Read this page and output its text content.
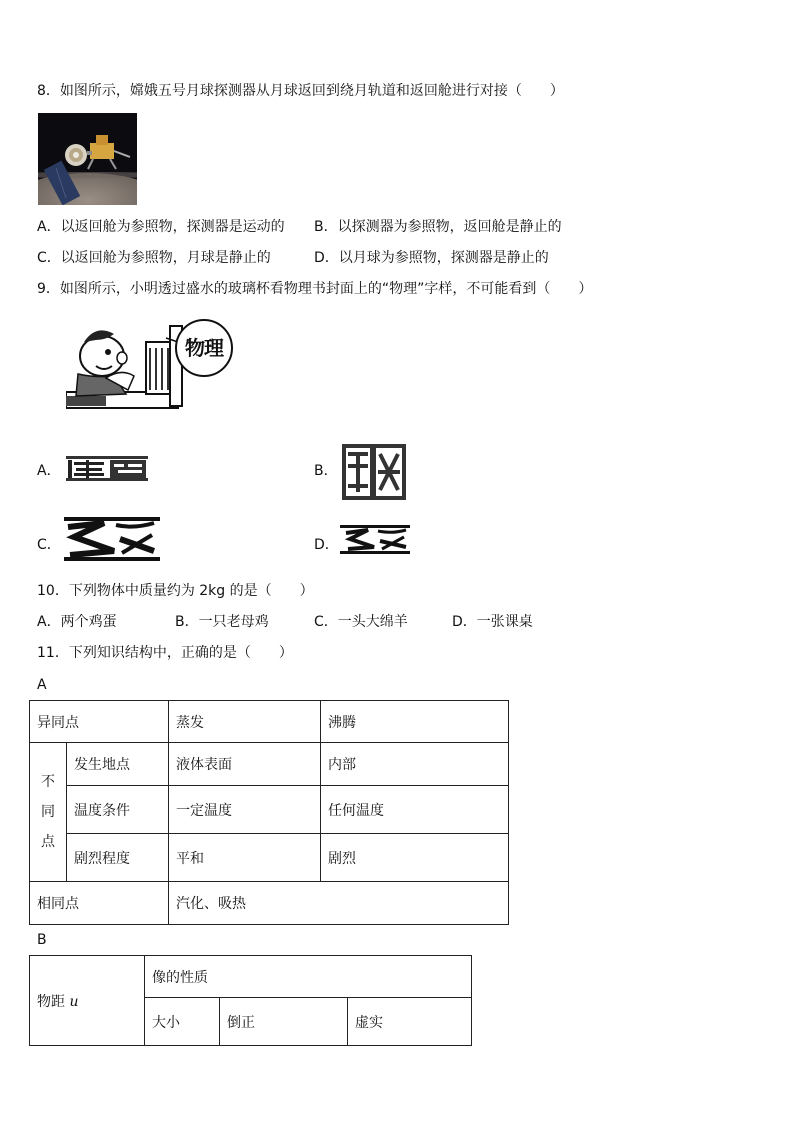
8．如图所示，嫦娥五号月球探测器从月球返回到绕月轨道和返回舱进行对接（　　）
A．以返回舱为参照物，探测器是运动的 B．以探测器为参照物，返回舱是静止的
C．以返回舱为参照物，月球是静止的	D．以月球为参照物，探测器是静止的
9．如图所示，小明透过盛水的玻璃杯看物理书封面上的“物理”字样，不可能看到（　　）
物理
A．	B．
C．	D．
10．下列物体中质量约为 2kg 的是（　　）
A．两个鸡蛋	B．一只老母鸡	C．一头大绵羊	D．一张课桌
11．下列知识结构中，正确的是（　　）
A
异同点		蒸发	沸腾
不
同
点	发生地点	液体表面	内部
	温度条件	一定温度	任何温度
	剧烈程度	平和	剧烈
相同点		汽化、吸热	
B
物距 u	像的性质		
	大小	倒正	虚实
